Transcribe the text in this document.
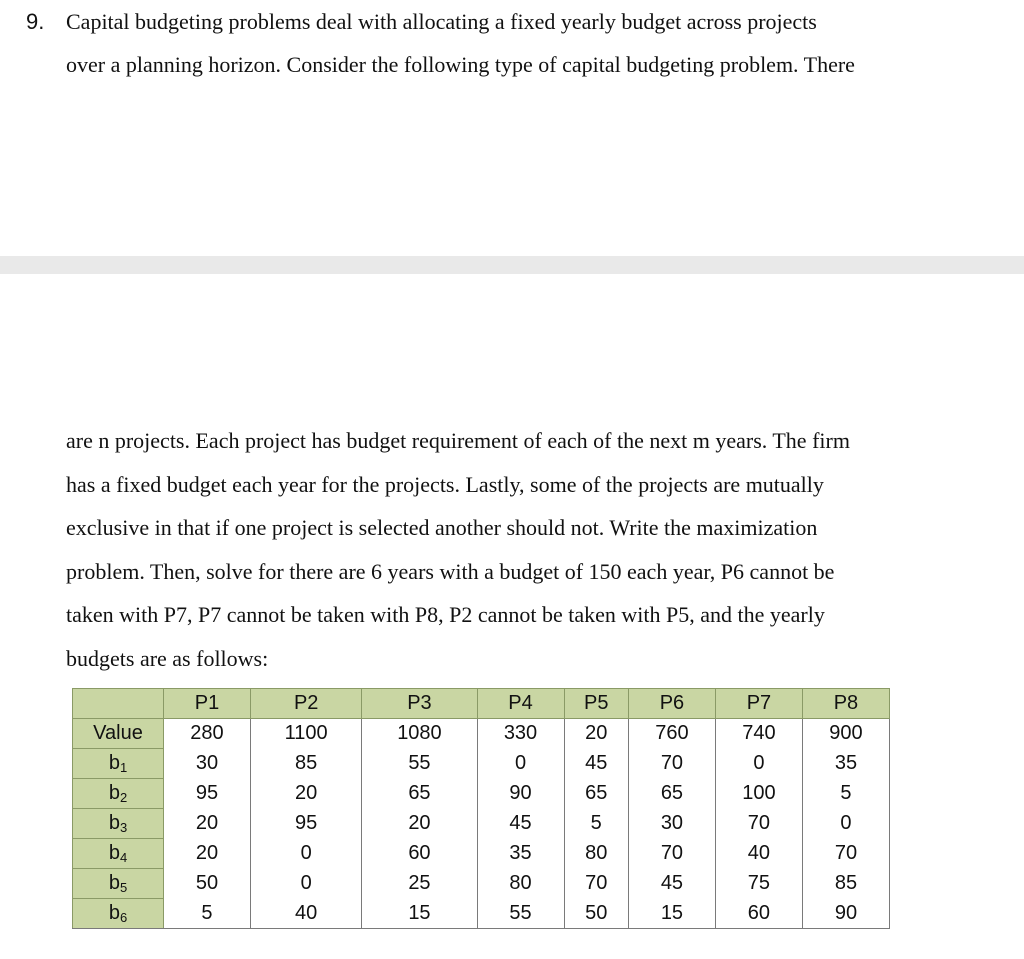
9. Capital budgeting problems deal with allocating a fixed yearly budget across projects
over a planning horizon. Consider the following type of capital budgeting problem. There

are n projects. Each project has budget requirement of each of the next m years. The firm

has a fixed budget each year for the projects. Lastly, some of the projects are mutually

exclusive in that if one project is selected another should not. Write the maximization

problem. Then, solve for there are 6 years with a budget of 150 each year, P6 cannot be

taken with P7, P7 cannot be taken with P8, P2 cannot be taken with P5, and the yearly

budgets are as follows:

	P1	P2	P3	P4	P5	P6	P7	P8
Value	280	1100	1080	330	20	760	740	900
$b_1$	30	85	55	0	45	70	0	35
$b_2$	95	20	65	90	65	65	100	5
$b_3$	20	95	20	45	5	30	70	0
$b_4$	20	0	60	35	80	70	40	70
$b_5$	50	0	25	80	70	45	75	85
$b_6$	5	40	15	55	50	15	60	90
